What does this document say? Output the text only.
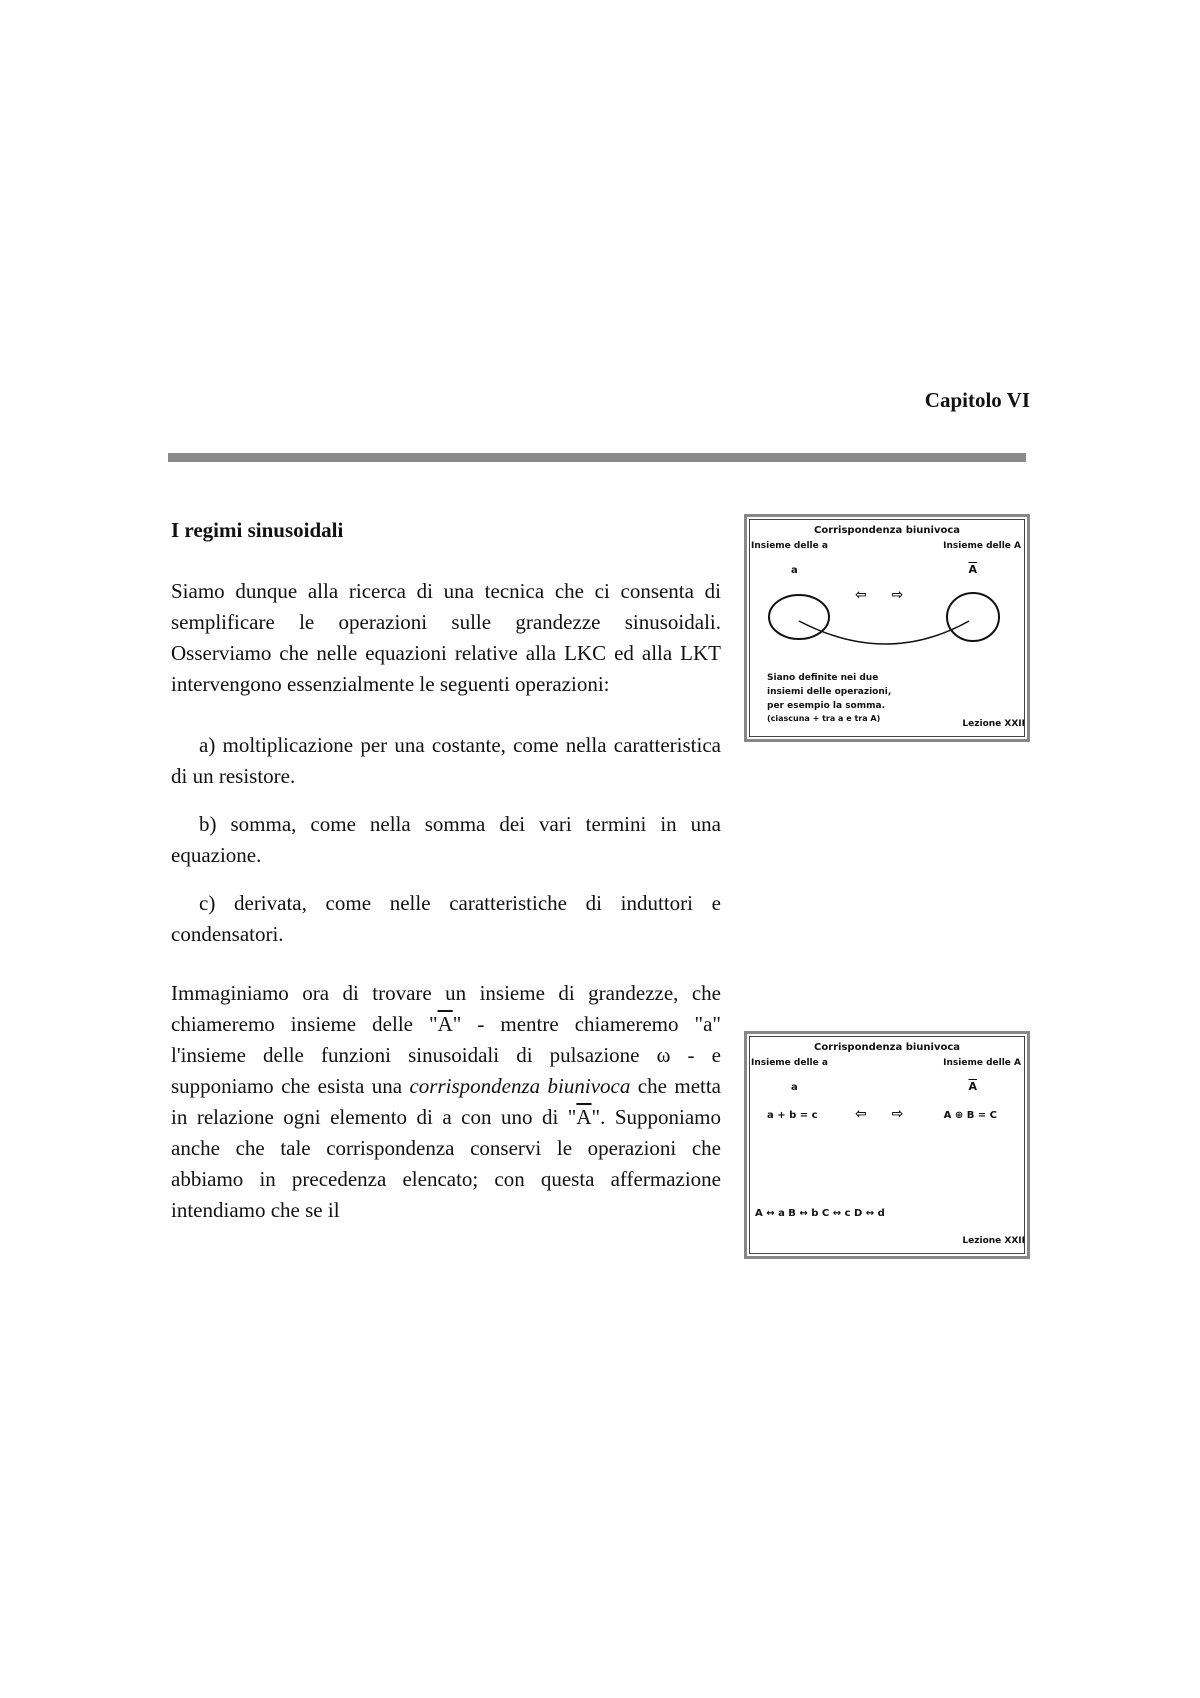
Capitolo VI
I regimi sinusoidali

Siamo dunque alla ricerca di una tecnica che ci consenta di semplificare le operazioni sulle grandezze sinusoidali. Osserviamo che nelle equazioni relative alla LKC ed alla LKT intervengono essenzialmente le seguenti operazioni:

a) moltiplicazione per una costante, come nella caratteristica di un resistore.

b) somma, come nella somma dei vari termini in una equazione.

c) derivata, come nelle caratteristiche di induttori e condensatori.

Immaginiamo ora di trovare un insieme di grandezze, che chiameremo insieme delle "$\overline{A}$" - mentre chiameremo "a" l'insieme delle funzioni sinusoidali di pulsazione ω - e supponiamo che esista una corrispondenza biunivoca che metta in relazione ogni elemento di a con uno di "$\overline{A}$". Supponiamo anche che tale corrispondenza conservi le operazioni che abbiamo in precedenza elencato; con questa affermazione intendiamo che se il

Corrispondenza biunivoca
Insieme delle a	Insieme delle A
a	$\overline{A}$
⇦ ⇨
Siano definite nei due
insiemi delle operazioni,
per esempio la somma.
(ciascuna + tra a e tra A)
Lezione XXII
Corrispondenza biunivoca
Insieme delle a	Insieme delle A
a	$\overline{A}$
a + b = c	⇦ ⇨	A ⊕ B = C
A ↔ a B ↔ b C ↔ c D ↔ d
Lezione XXII
